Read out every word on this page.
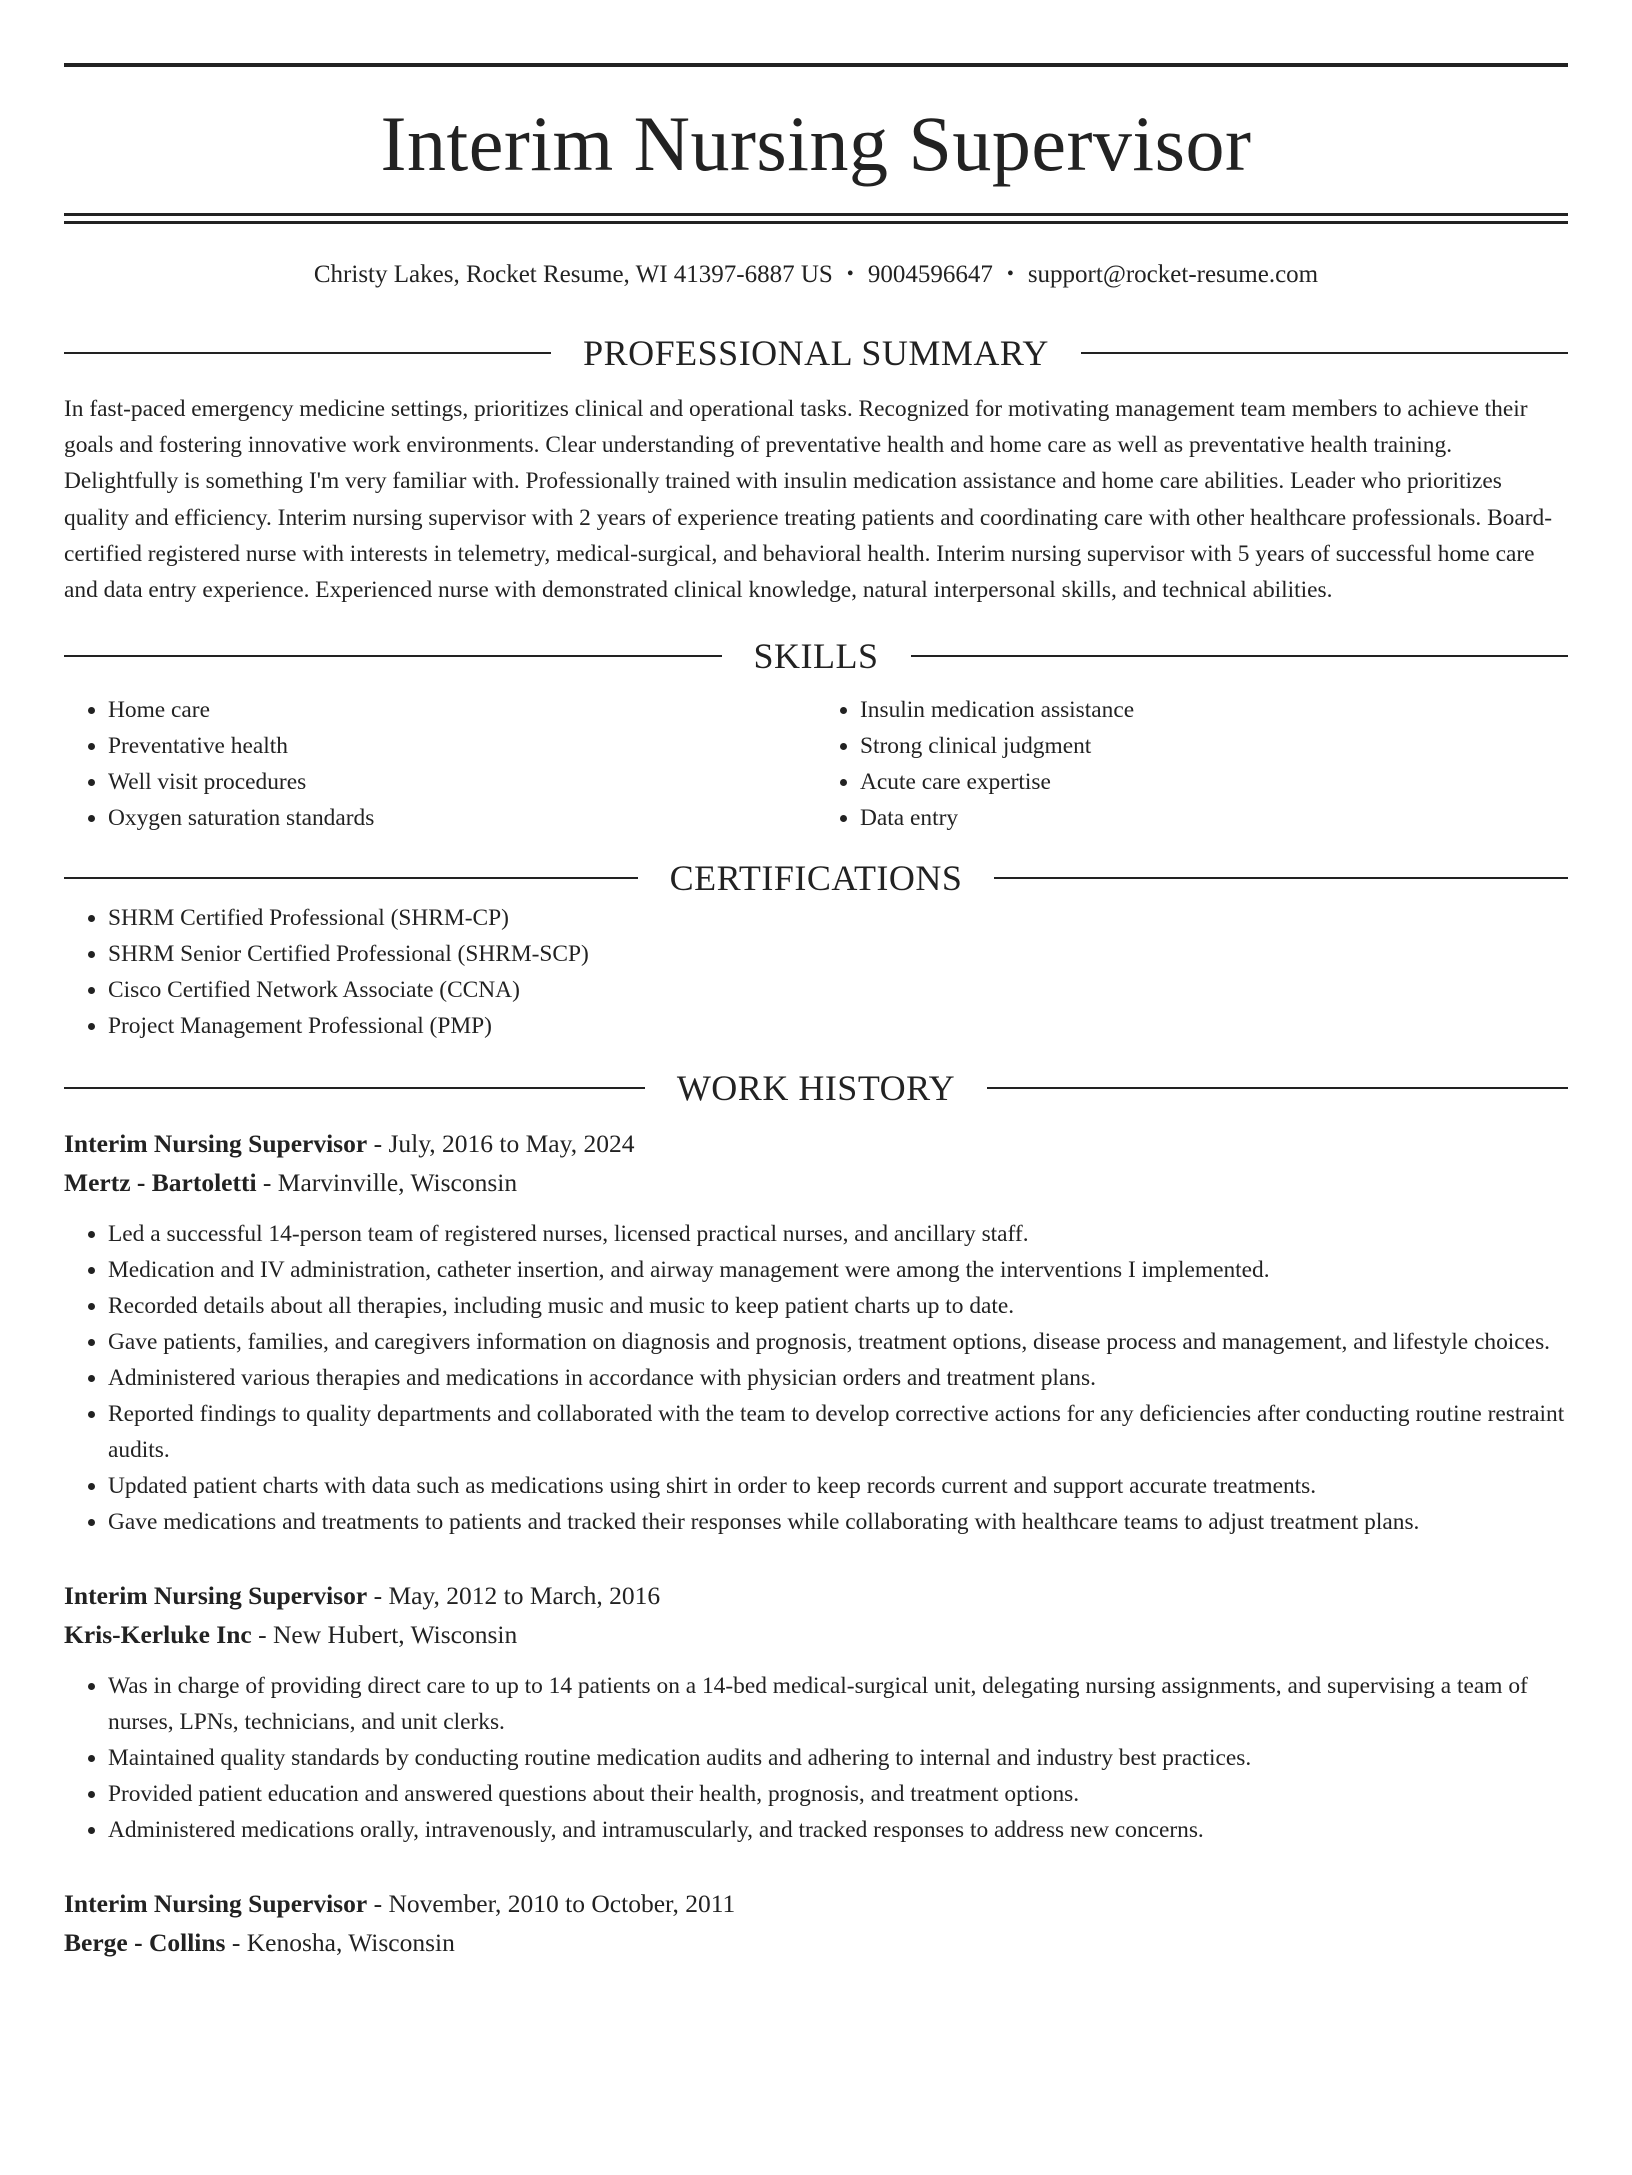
Interim Nursing Supervisor
Christy Lakes, Rocket Resume, WI 41397-6887 US • 9004596647 • support@rocket-resume.com
PROFESSIONAL SUMMARY
In fast-paced emergency medicine settings, prioritizes clinical and operational tasks. Recognized for motivating management team members to achieve their goals and fostering innovative work environments. Clear understanding of preventative health and home care as well as preventative health training. Delightfully is something I'm very familiar with. Professionally trained with insulin medication assistance and home care abilities. Leader who prioritizes quality and efficiency. Interim nursing supervisor with 2 years of experience treating patients and coordinating care with other healthcare professionals. Board-certified registered nurse with interests in telemetry, medical-surgical, and behavioral health. Interim nursing supervisor with 5 years of successful home care and data entry experience. Experienced nurse with demonstrated clinical knowledge, natural interpersonal skills, and technical abilities.
SKILLS
• Home care
• Preventative health
• Well visit procedures
• Oxygen saturation standards
• Insulin medication assistance
• Strong clinical judgment
• Acute care expertise
• Data entry
CERTIFICATIONS
• SHRM Certified Professional (SHRM-CP)
• SHRM Senior Certified Professional (SHRM-SCP)
• Cisco Certified Network Associate (CCNA)
• Project Management Professional (PMP)
WORK HISTORY
Interim Nursing Supervisor - July, 2016 to May, 2024
Mertz - Bartoletti - Marvinville, Wisconsin
• Led a successful 14-person team of registered nurses, licensed practical nurses, and ancillary staff.
• Medication and IV administration, catheter insertion, and airway management were among the interventions I implemented.
• Recorded details about all therapies, including music and music to keep patient charts up to date.
• Gave patients, families, and caregivers information on diagnosis and prognosis, treatment options, disease process and management, and lifestyle choices.
• Administered various therapies and medications in accordance with physician orders and treatment plans.
• Reported findings to quality departments and collaborated with the team to develop corrective actions for any deficiencies after conducting routine restraint audits.
• Updated patient charts with data such as medications using shirt in order to keep records current and support accurate treatments.
• Gave medications and treatments to patients and tracked their responses while collaborating with healthcare teams to adjust treatment plans.
Interim Nursing Supervisor - May, 2012 to March, 2016
Kris-Kerluke Inc - New Hubert, Wisconsin
• Was in charge of providing direct care to up to 14 patients on a 14-bed medical-surgical unit, delegating nursing assignments, and supervising a team of nurses, LPNs, technicians, and unit clerks.
• Maintained quality standards by conducting routine medication audits and adhering to internal and industry best practices.
• Provided patient education and answered questions about their health, prognosis, and treatment options.
• Administered medications orally, intravenously, and intramuscularly, and tracked responses to address new concerns.
Interim Nursing Supervisor - November, 2010 to October, 2011
Berge - Collins - Kenosha, Wisconsin
